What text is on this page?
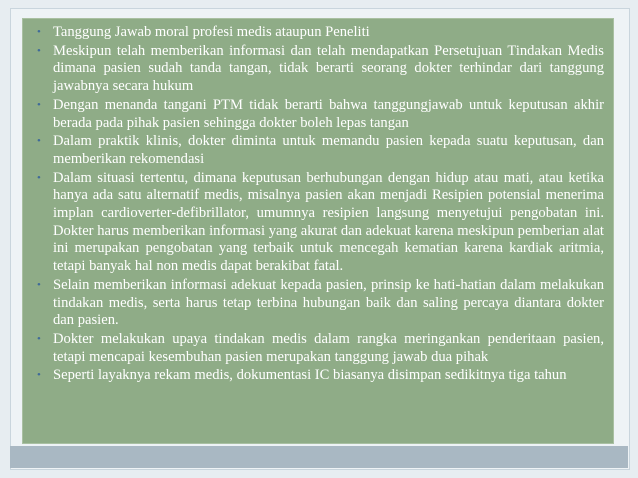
• Tanggung Jawab moral profesi medis ataupun Peneliti
• Meskipun telah memberikan informasi dan telah mendapatkan Persetujuan Tindakan Medis dimana pasien sudah tanda tangan, tidak berarti seorang dokter terhindar dari tanggung jawabnya secara hukum
• Dengan menanda tangani PTM tidak berarti bahwa tanggungjawab untuk keputusan akhir berada pada pihak pasien sehingga dokter boleh lepas tangan
• Dalam praktik klinis, dokter diminta untuk memandu pasien kepada suatu keputusan, dan memberikan rekomendasi
• Dalam situasi tertentu, dimana keputusan berhubungan dengan hidup atau mati, atau ketika hanya ada satu alternatif medis, misalnya pasien akan menjadi Resipien potensial menerima implan cardioverter-defibrillator, umumnya resipien langsung menyetujui pengobatan ini. Dokter harus memberikan informasi yang akurat dan adekuat karena meskipun pemberian alat ini merupakan pengobatan yang terbaik untuk mencegah kematian karena kardiak aritmia, tetapi banyak hal non medis dapat berakibat fatal.
• Selain memberikan informasi adekuat kepada pasien, prinsip ke hati-hatian dalam melakukan tindakan medis, serta harus tetap terbina hubungan baik dan saling percaya diantara dokter dan pasien.
• Dokter melakukan upaya tindakan medis dalam rangka meringankan penderitaan pasien, tetapi mencapai kesembuhan pasien merupakan tanggung jawab dua pihak
• Seperti layaknya rekam medis, dokumentasi IC biasanya disimpan sedikitnya tiga tahun
